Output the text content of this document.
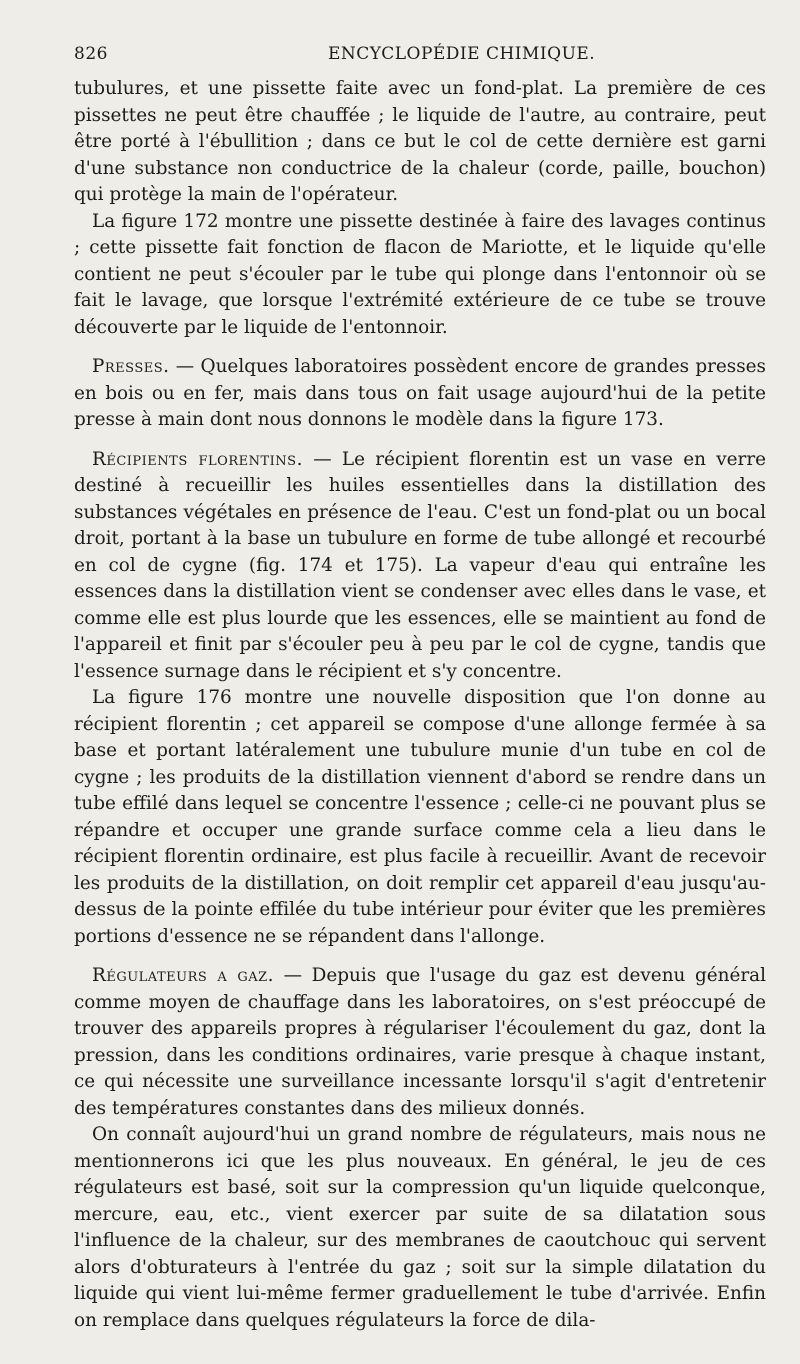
826	ENCYCLOPÉDIE CHIMIQUE.

tubulures, et une pissette faite avec un fond-plat. La première de ces pissettes ne peut être chauffée ; le liquide de l'autre, au contraire, peut être porté à l'ébullition ; dans ce but le col de cette dernière est garni d'une substance non conductrice de la chaleur (corde, paille, bouchon) qui protège la main de l'opérateur.

La figure 172 montre une pissette destinée à faire des lavages continus ; cette pissette fait fonction de flacon de Mariotte, et le liquide qu'elle contient ne peut s'écouler par le tube qui plonge dans l'entonnoir où se fait le lavage, que lorsque l'extrémité extérieure de ce tube se trouve découverte par le liquide de l'entonnoir.

Presses. — Quelques laboratoires possèdent encore de grandes presses en bois ou en fer, mais dans tous on fait usage aujourd'hui de la petite presse à main dont nous donnons le modèle dans la figure 173.

Récipients florentins. — Le récipient florentin est un vase en verre destiné à recueillir les huiles essentielles dans la distillation des substances végétales en présence de l'eau. C'est un fond-plat ou un bocal droit, portant à la base un tubulure en forme de tube allongé et recourbé en col de cygne (fig. 174 et 175). La vapeur d'eau qui entraîne les essences dans la distillation vient se condenser avec elles dans le vase, et comme elle est plus lourde que les essences, elle se maintient au fond de l'appareil et finit par s'écouler peu à peu par le col de cygne, tandis que l'essence surnage dans le récipient et s'y concentre.

La figure 176 montre une nouvelle disposition que l'on donne au récipient florentin ; cet appareil se compose d'une allonge fermée à sa base et portant latéralement une tubulure munie d'un tube en col de cygne ; les produits de la distillation viennent d'abord se rendre dans un tube effilé dans lequel se concentre l'essence ; celle-ci ne pouvant plus se répandre et occuper une grande surface comme cela a lieu dans le récipient florentin ordinaire, est plus facile à recueillir. Avant de recevoir les produits de la distillation, on doit remplir cet appareil d'eau jusqu'au-dessus de la pointe effilée du tube intérieur pour éviter que les premières portions d'essence ne se répandent dans l'allonge.

Régulateurs a gaz. — Depuis que l'usage du gaz est devenu général comme moyen de chauffage dans les laboratoires, on s'est préoccupé de trouver des appareils propres à régulariser l'écoulement du gaz, dont la pression, dans les conditions ordinaires, varie presque à chaque instant, ce qui nécessite une surveillance incessante lorsqu'il s'agit d'entretenir des températures constantes dans des milieux donnés.

On connaît aujourd'hui un grand nombre de régulateurs, mais nous ne mentionnerons ici que les plus nouveaux. En général, le jeu de ces régulateurs est basé, soit sur la compression qu'un liquide quelconque, mercure, eau, etc., vient exercer par suite de sa dilatation sous l'influence de la chaleur, sur des membranes de caoutchouc qui servent alors d'obturateurs à l'entrée du gaz ; soit sur la simple dilatation du liquide qui vient lui-même fermer graduellement le tube d'arrivée. Enfin on remplace dans quelques régulateurs la force de dila-
